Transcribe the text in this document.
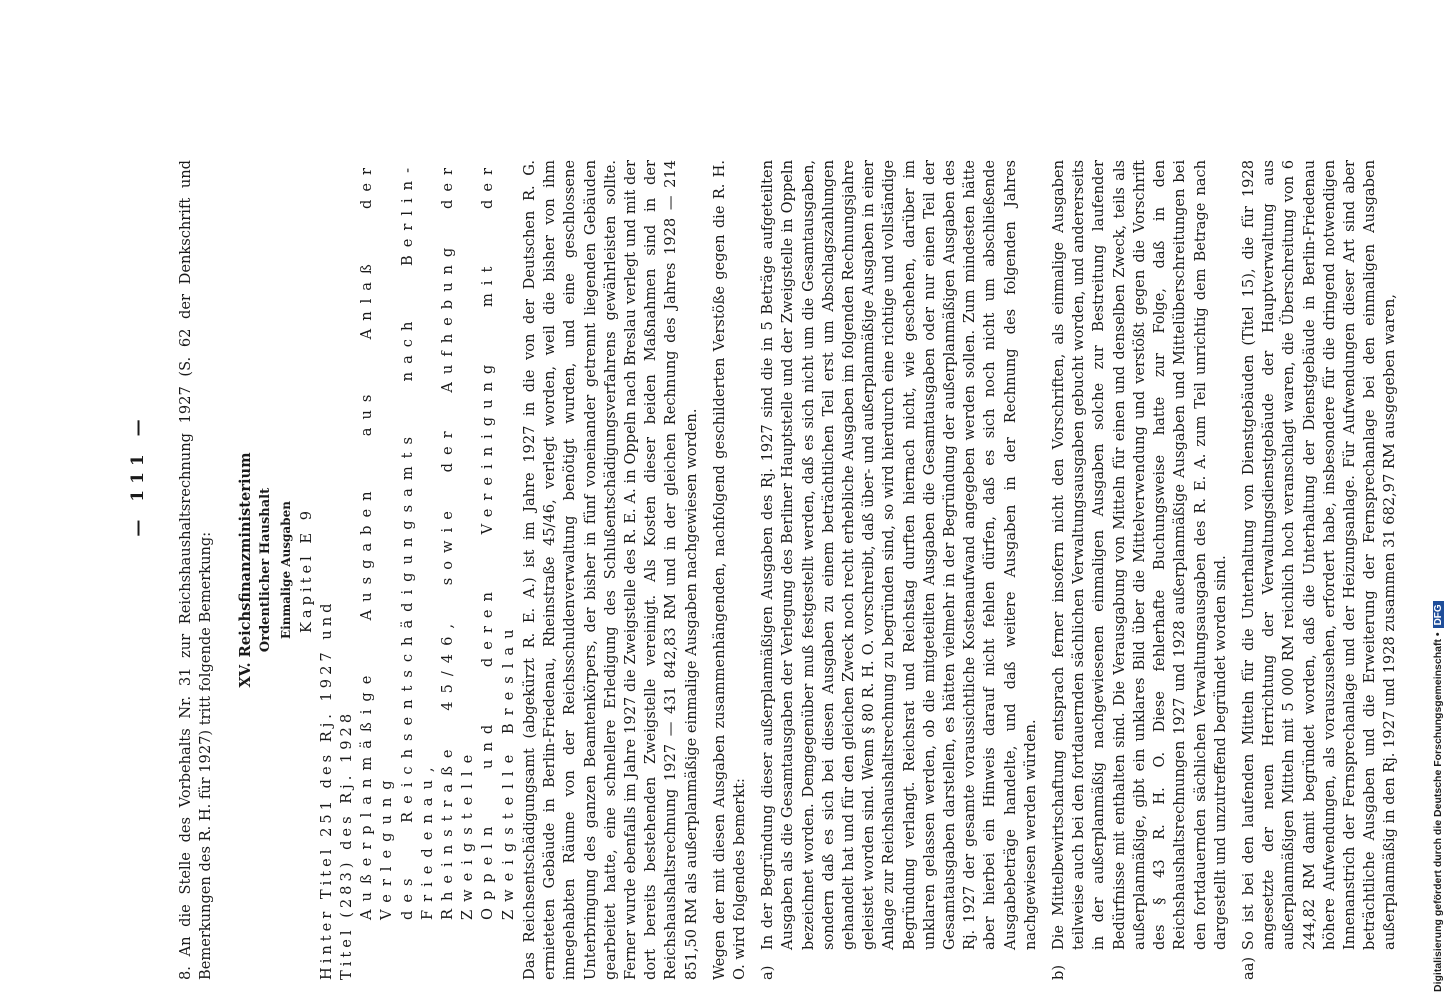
— 111 — 8. An die Stelle des Vorbehalts Nr. 31 zur Reichshaushaltsrechnung 1927 (S. 62 der Denkschrift und Bemerkungen des R. H. für 1927) tritt folgende Bemerkung: XV. Reichsfinanzministerium Ordentlicher Haushalt Einmalige Ausgaben Kapitel E 9

Hinter Titel 251 des Rj. 1927 und Titel (283) des Rj. 1928 Außerplanmäßige Ausgaben aus Anlaß der Verlegung des Reichsentschädigungsamts nach Berlin-Friedenau, Rheinstraße 45/46, sowie der Aufhebung der Zweigstelle Oppeln und deren Vereinigung mit der Zweigstelle Breslau Das Reichsentschädigungsamt (abgekürzt R. E. A.) ist im Jahre 1927 in die von der Deutschen R. G. ermieteten Gebäude in Berlin-Friedenau, Rheinstraße 45/46, verlegt worden, weil die bisher von ihm innegehabten Räume von der Reichsschuldenverwaltung benötigt wurden, und eine geschlossene Unterbringung des ganzen Beamtenkörpers, der bisher in fünf voneinander getrennt liegenden Gebäuden gearbeitet hatte, eine schnellere Erledigung des Schlußentschädigungsverfahrens gewährleisten sollte. Ferner wurde ebenfalls im Jahre 1927 die Zweigstelle des R. E. A. in Oppeln nach Breslau verlegt und mit der dort bereits bestehenden Zweigstelle vereinigt. Als Kosten dieser beiden Maßnahmen sind in der Reichshaushaltsrechnung 1927 — 431 842,83 RM und in der gleichen Rechnung des Jahres 1928 — 214 851,50 RM als außerplanmäßige einmalige Ausgaben nachgewiesen worden. Wegen der mit diesen Ausgaben zusammenhängenden, nachfolgend geschilderten Verstöße gegen die R. H. O. wird folgendes bemerkt: a)

In der Begründung dieser außerplanmäßigen Ausgaben des Rj. 1927 sind die in 5 Beträge aufgeteilten Ausgaben als die Gesamtausgaben der Verlegung des Berliner Hauptstelle und der Zweigstelle in Oppeln bezeichnet worden. Demgegenüber muß festgestellt werden, daß es sich nicht um die Gesamtausgaben, sondern daß es sich bei diesen Ausgaben zu einem beträchtlichen Teil erst um Abschlagszahlungen gehandelt hat und für den gleichen Zweck noch recht erhebliche Ausgaben im folgenden Rechnungsjahre geleistet worden sind. Wenn § 80 R. H. O. vorschreibt, daß über- und außerplanmäßige Ausgaben in einer Anlage zur Reichshaushaltsrechnung zu begründen sind, so wird hierdurch eine richtige und vollständige Begründung verlangt. Reichsrat und Reichstag durften hiernach nicht, wie geschehen, darüber im unklaren gelassen werden, ob die mitgeteilten Ausgaben die Gesamtausgaben oder nur einen Teil der Gesamtausgaben darstellen, es hätten vielmehr in der Begründung der außerplanmäßigen Ausgaben des Rj. 1927 der gesamte voraussichtliche Kostenaufwand angegeben werden sollen. Zum mindesten hätte aber hierbei ein Hinweis darauf nicht fehlen dürfen, daß es sich noch nicht um abschließende Ausgabebeträge handelte, und daß weitere Ausgaben in der Rechnung des folgenden Jahres nachgewiesen werden würden.

b)

Die Mittelbewirtschaftung entsprach ferner insofern nicht den Vorschriften, als einmalige Ausgaben teilweise auch bei den fortdauernden sächlichen Verwaltungsausgaben gebucht worden, und andererseits in der außerplanmäßig nachgewiesenen einmaligen Ausgaben solche zur Bestreitung laufender Bedürfnisse mit enthalten sind. Die Verausgabung von Mitteln für einen und denselben Zweck, teils als außerplanmäßige, gibt ein unklares Bild über die Mittelverwendung und verstößt gegen die Vorschrift des § 43 R. H. O. Diese fehlerhafte Buchungsweise hatte zur Folge, daß in den Reichshaushaltsrechnungen 1927 und 1928 außerplanmäßige Ausgaben und Mittelüberschreitungen bei den fortdauernden sächlichen Verwaltungsausgaben des R. E. A. zum Teil unrichtig dem Betrage nach dargestellt und unzutreffend begründet worden sind.

aa)

So ist bei den laufenden Mitteln für die Unterhaltung von Dienstgebäuden (Titel 15), die für 1928 angesetzte der neuen Herrichtung der Verwaltungsdienstgebäude der Hauptverwaltung aus außerplanmäßigen Mitteln mit 5 000 RM reichlich hoch veranschlagt waren, die Überschreitung von 6 244,82 RM damit begründet worden, daß die Unterhaltung der Dienstgebäude in Berlin-Friedenau höhere Aufwendungen, als vorauszusehen, erfordert habe, insbesondere für die dringend notwendigen Innenanstrich der Fernsprechanlage und der Heizungsanlage. Für Aufwendungen dieser Art sind aber beträchtliche Ausgaben und die Erweiterung der Fernsprechanlage bei den einmaligen Ausgaben außerplanmäßig in den Rj. 1927 und 1928 zusammen 31 682,97 RM ausgegeben waren,	Digitalisierung gefördert durch die Deutsche Forschungsgemeinschaft •
DFG
